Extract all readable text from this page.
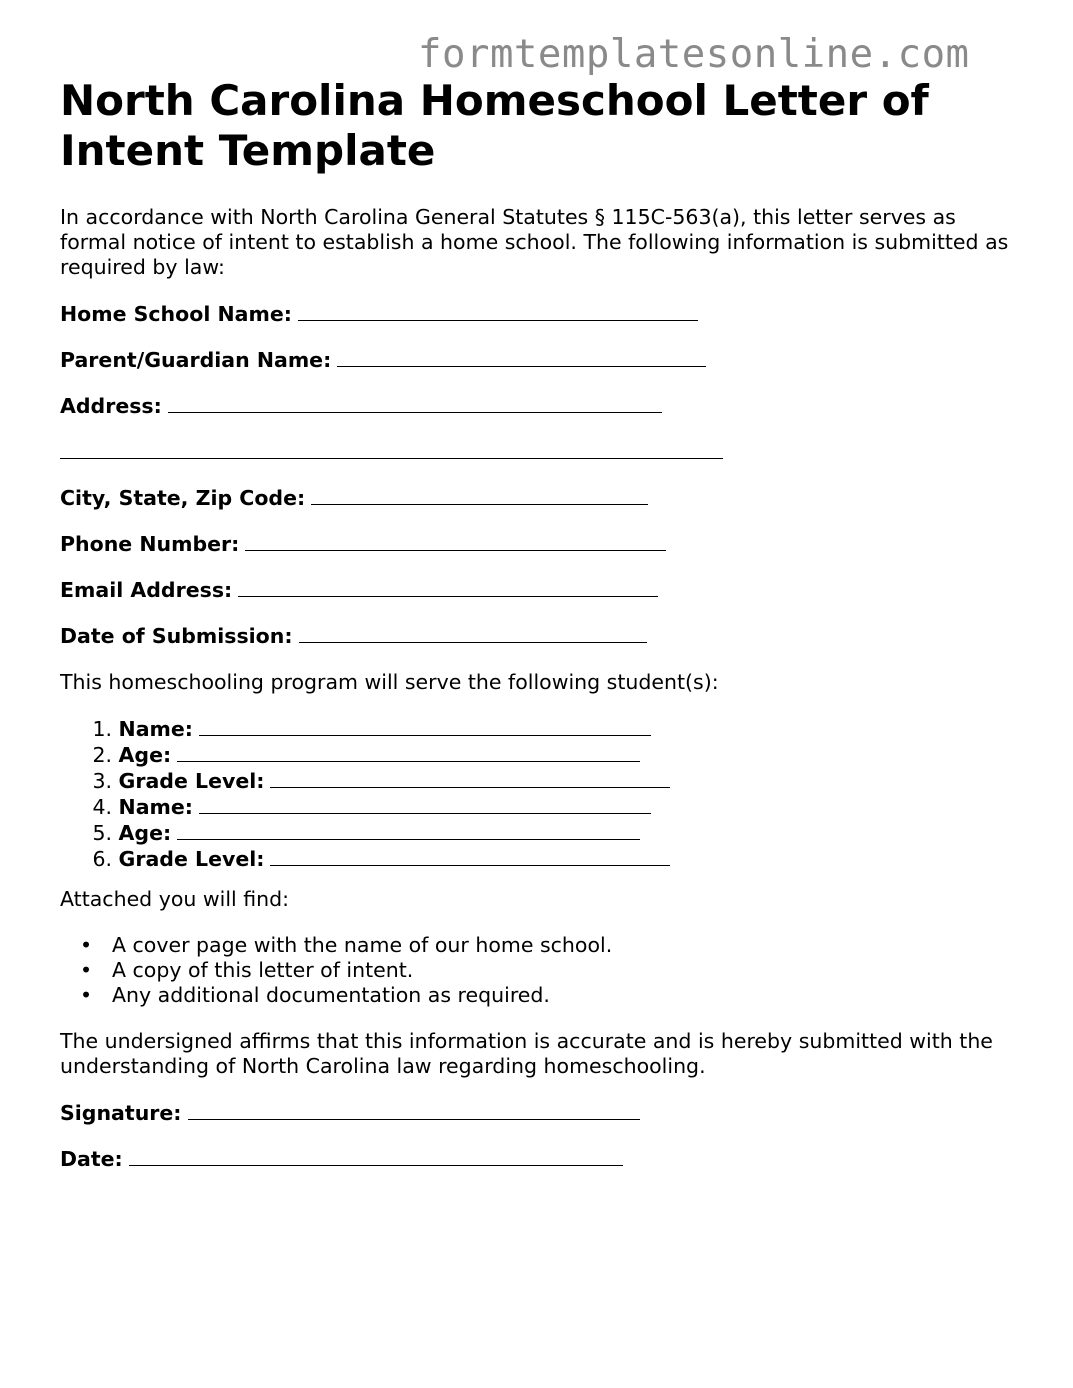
formtemplatesonline.com
North Carolina Homeschool Letter of Intent Template

In accordance with North Carolina General Statutes § 115C-563(a), this letter serves as formal notice of intent to establish a home school. The following information is submitted as required by law:

Home School Name:

Parent/Guardian Name:

Address:

City, State, Zip Code:

Phone Number:

Email Address:

Date of Submission:

This homeschooling program will serve the following student(s):

1. Name:
2. Age:
3. Grade Level:
4. Name:
5. Age:
6. Grade Level:

Attached you will find:

• A cover page with the name of our home school.
• A copy of this letter of intent.
• Any additional documentation as required.

The undersigned affirms that this information is accurate and is hereby submitted with the understanding of North Carolina law regarding homeschooling.

Signature:

Date:
